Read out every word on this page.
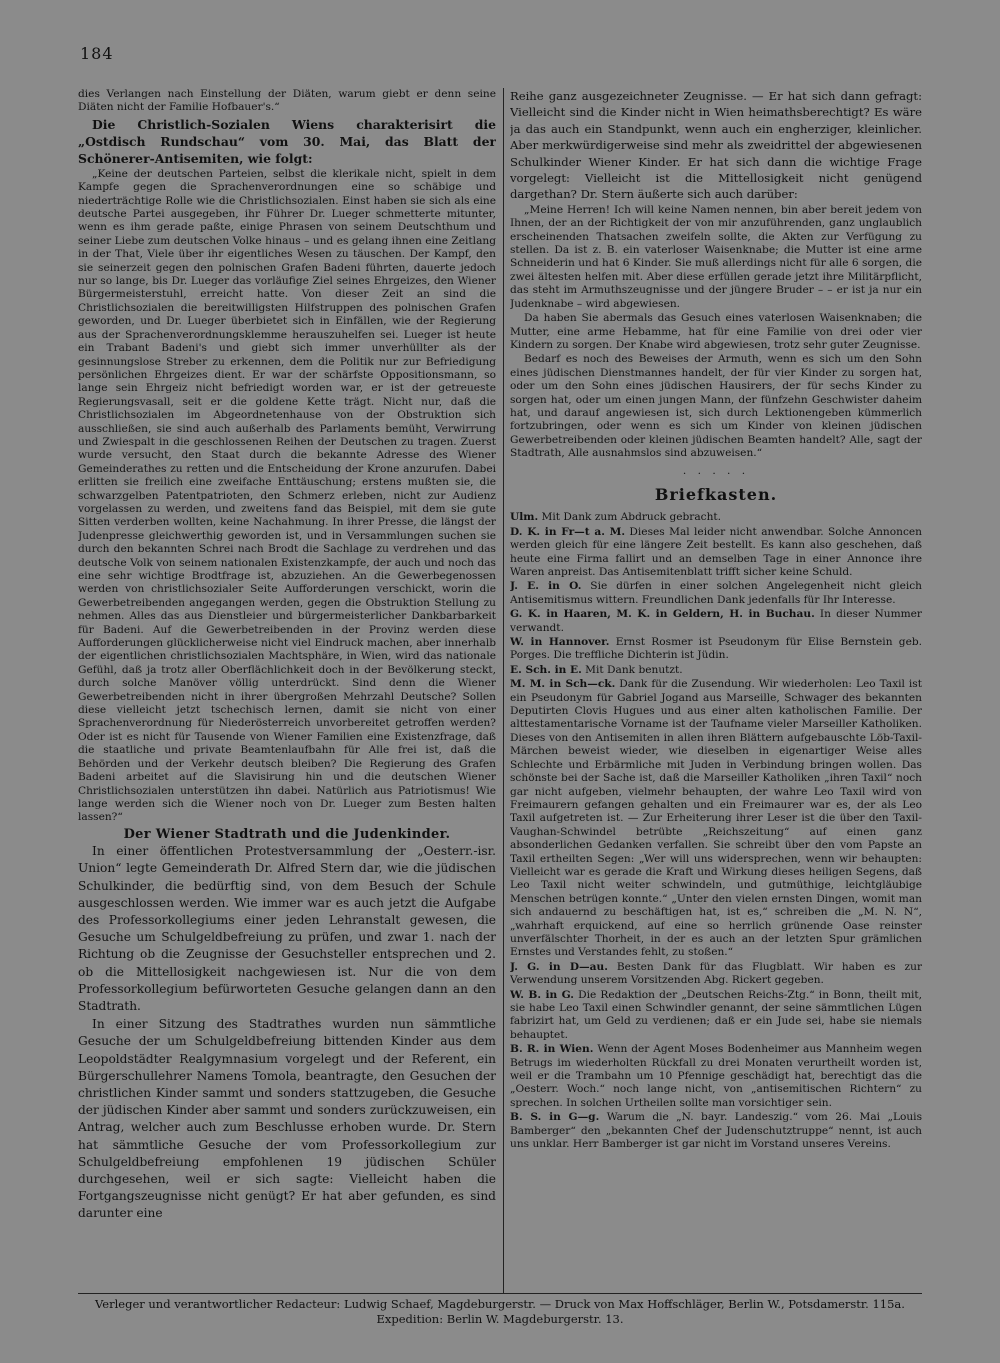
184

dies Verlangen nach Einstellung der Diäten, warum giebt er denn seine Diäten nicht der Familie Hofbauer's.“

Die Christlich-Sozialen Wiens charakterisirt die „Ostdisch Rundschau“ vom 30. Mai, das Blatt der Schönerer-Antisemiten, wie folgt:

„Keine der deutschen Parteien, selbst die klerikale nicht, spielt in dem Kampfe gegen die Sprachenverordnungen eine so schäbige und niederträchtige Rolle wie die Christlichsozialen. Einst haben sie sich als eine deutsche Partei ausgegeben, ihr Führer Dr. Lueger schmetterte mitunter, wenn es ihm gerade paßte, einige Phrasen von seinem Deutschthum und seiner Liebe zum deutschen Volke hinaus – und es gelang ihnen eine Zeitlang in der That, Viele über ihr eigentliches Wesen zu täuschen. Der Kampf, den sie seinerzeit gegen den polnischen Grafen Badeni führten, dauerte jedoch nur so lange, bis Dr. Lueger das vorläufige Ziel seines Ehrgeizes, den Wiener Bürgermeisterstuhl, erreicht hatte. Von dieser Zeit an sind die Christlichsozialen die bereitwilligsten Hilfstruppen des polnischen Grafen geworden, und Dr. Lueger überbietet sich in Einfällen, wie der Regierung aus der Sprachenverordnungsklemme herauszuhelfen sei. Lueger ist heute ein Trabant Badeni's und giebt sich immer unverhüllter als der gesinnungslose Streber zu erkennen, dem die Politik nur zur Befriedigung persönlichen Ehrgeizes dient. Er war der schärfste Oppositionsmann, so lange sein Ehrgeiz nicht befriedigt worden war, er ist der getreueste Regierungsvasall, seit er die goldene Kette trägt. Nicht nur, daß die Christlichsozialen im Abgeordnetenhause von der Obstruktion sich ausschließen, sie sind auch außerhalb des Parlaments bemüht, Verwirrung und Zwiespalt in die geschlossenen Reihen der Deutschen zu tragen. Zuerst wurde versucht, den Staat durch die bekannte Adresse des Wiener Gemeinderathes zu retten und die Entscheidung der Krone anzurufen. Dabei erlitten sie freilich eine zweifache Enttäuschung; erstens mußten sie, die schwarzgelben Patentpatrioten, den Schmerz erleben, nicht zur Audienz vorgelassen zu werden, und zweitens fand das Beispiel, mit dem sie gute Sitten verderben wollten, keine Nachahmung. In ihrer Presse, die längst der Judenpresse gleichwerthig geworden ist, und in Versammlungen suchen sie durch den bekannten Schrei nach Brodt die Sachlage zu verdrehen und das deutsche Volk von seinem nationalen Existenzkampfe, der auch und noch das eine sehr wichtige Brodtfrage ist, abzuziehen. An die Gewerbegenossen werden von christlichsozialer Seite Aufforderungen verschickt, worin die Gewerbetreibenden angegangen werden, gegen die Obstruktion Stellung zu nehmen. Alles das aus Dienstleier und bürgermeisterlicher Dankbarbarkeit für Badeni. Auf die Gewerbetreibenden in der Provinz werden diese Aufforderungen glücklicherweise nicht viel Eindruck machen, aber innerhalb der eigentlichen christlichsozialen Machtsphäre, in Wien, wird das nationale Gefühl, daß ja trotz aller Oberflächlichkeit doch in der Bevölkerung steckt, durch solche Manöver völlig unterdrückt. Sind denn die Wiener Gewerbetreibenden nicht in ihrer übergroßen Mehrzahl Deutsche? Sollen diese vielleicht jetzt tschechisch lernen, damit sie nicht von einer Sprachenverordnung für Niederösterreich unvorbereitet getroffen werden? Oder ist es nicht für Tausende von Wiener Familien eine Existenzfrage, daß die staatliche und private Beamtenlaufbahn für Alle frei ist, daß die Behörden und der Verkehr deutsch bleiben? Die Regierung des Grafen Badeni arbeitet auf die Slavisirung hin und die deutschen Wiener Christlichsozialen unterstützen ihn dabei. Natürlich aus Patriotismus! Wie lange werden sich die Wiener noch von Dr. Lueger zum Besten halten lassen?“

Der Wiener Stadtrath und die Judenkinder.

In einer öffentlichen Protestversammlung der „Oesterr.-isr. Union“ legte Gemeinderath Dr. Alfred Stern dar, wie die jüdischen Schulkinder, die bedürftig sind, von dem Besuch der Schule ausgeschlossen werden. Wie immer war es auch jetzt die Aufgabe des Professorkollegiums einer jeden Lehranstalt gewesen, die Gesuche um Schulgeldbefreiung zu prüfen, und zwar 1. nach der Richtung ob die Zeugnisse der Gesuchsteller entsprechen und 2. ob die Mittellosigkeit nachgewiesen ist. Nur die von dem Professorkollegium befürworteten Gesuche gelangen dann an den Stadtrath.

In einer Sitzung des Stadtrathes wurden nun sämmtliche Gesuche der um Schulgeldbefreiung bittenden Kinder aus dem Leopoldstädter Realgymnasium vorgelegt und der Referent, ein Bürgerschullehrer Namens Tomola, beantragte, den Gesuchen der christlichen Kinder sammt und sonders stattzugeben, die Gesuche der jüdischen Kinder aber sammt und sonders zurückzuweisen, ein Antrag, welcher auch zum Beschlusse erhoben wurde. Dr. Stern hat sämmtliche Gesuche der vom Professorkollegium zur Schulgeldbefreiung empfohlenen 19 jüdischen Schüler durchgesehen, weil er sich sagte: Vielleicht haben die Fortgangszeugnisse nicht genügt? Er hat aber gefunden, es sind darunter eine

Reihe ganz ausgezeichneter Zeugnisse. — Er hat sich dann gefragt: Vielleicht sind die Kinder nicht in Wien heimathsberechtigt? Es wäre ja das auch ein Standpunkt, wenn auch ein engherziger, kleinlicher. Aber merkwürdigerweise sind mehr als zweidrittel der abgewiesenen Schulkinder Wiener Kinder. Er hat sich dann die wichtige Frage vorgelegt: Vielleicht ist die Mittellosigkeit nicht genügend dargethan? Dr. Stern äußerte sich auch darüber:

„Meine Herren! Ich will keine Namen nennen, bin aber bereit jedem von Ihnen, der an der Richtigkeit der von mir anzuführenden, ganz unglaublich erscheinenden Thatsachen zweifeln sollte, die Akten zur Verfügung zu stellen. Da ist z. B. ein vaterloser Waisenknabe; die Mutter ist eine arme Schneiderin und hat 6 Kinder. Sie muß allerdings nicht für alle 6 sorgen, die zwei ältesten helfen mit. Aber diese erfüllen gerade jetzt ihre Militärpflicht, das steht im Armuthszeugnisse und der jüngere Bruder – – er ist ja nur ein Judenknabe – wird abgewiesen.

Da haben Sie abermals das Gesuch eines vaterlosen Waisenknaben; die Mutter, eine arme Hebamme, hat für eine Familie von drei oder vier Kindern zu sorgen. Der Knabe wird abgewiesen, trotz sehr guter Zeugnisse.

Bedarf es noch des Beweises der Armuth, wenn es sich um den Sohn eines jüdischen Dienstmannes handelt, der für vier Kinder zu sorgen hat, oder um den Sohn eines jüdischen Hausirers, der für sechs Kinder zu sorgen hat, oder um einen jungen Mann, der fünfzehn Geschwister daheim hat, und darauf angewiesen ist, sich durch Lektionengeben kümmerlich fortzubringen, oder wenn es sich um Kinder von kleinen jüdischen Gewerbetreibenden oder kleinen jüdischen Beamten handelt? Alle, sagt der Stadtrath, Alle ausnahmslos sind abzuweisen.“

. . . . .
Briefkasten.

Ulm. Mit Dank zum Abdruck gebracht.

D. K. in Fr—t a. M. Dieses Mal leider nicht anwendbar. Solche Annoncen werden gleich für eine längere Zeit bestellt. Es kann also geschehen, daß heute eine Firma fallirt und an demselben Tage in einer Annonce ihre Waren anpreist. Das Antisemitenblatt trifft sicher keine Schuld.

J. E. in O. Sie dürfen in einer solchen Angelegenheit nicht gleich Antisemitismus wittern. Freundlichen Dank jedenfalls für Ihr Interesse.

G. K. in Haaren, M. K. in Geldern, H. in Buchau. In dieser Nummer verwandt.

W. in Hannover. Ernst Rosmer ist Pseudonym für Elise Bernstein geb. Porges. Die treffliche Dichterin ist Jüdin.

E. Sch. in E. Mit Dank benutzt.

M. M. in Sch—ck. Dank für die Zusendung. Wir wiederholen: Leo Taxil ist ein Pseudonym für Gabriel Jogand aus Marseille, Schwager des bekannten Deputirten Clovis Hugues und aus einer alten katholischen Familie. Der alttestamentarische Vorname ist der Taufname vieler Marseiller Katholiken. Dieses von den Antisemiten in allen ihren Blättern aufgebauschte Löb-Taxil-Märchen beweist wieder, wie dieselben in eigenartiger Weise alles Schlechte und Erbärmliche mit Juden in Verbindung bringen wollen. Das schönste bei der Sache ist, daß die Marseiller Katholiken „ihren Taxil“ noch gar nicht aufgeben, vielmehr behaupten, der wahre Leo Taxil wird von Freimaurern gefangen gehalten und ein Freimaurer war es, der als Leo Taxil aufgetreten ist. — Zur Erheiterung ihrer Leser ist die über den Taxil-Vaughan-Schwindel betrübte „Reichszeitung“ auf einen ganz absonderlichen Gedanken verfallen. Sie schreibt über den vom Papste an Taxil ertheilten Segen: „Wer will uns widersprechen, wenn wir behaupten: Vielleicht war es gerade die Kraft und Wirkung dieses heiligen Segens, daß Leo Taxil nicht weiter schwindeln, und gutmüthige, leichtgläubige Menschen betrügen konnte.“ „Unter den vielen ernsten Dingen, womit man sich andauernd zu beschäftigen hat, ist es,“ schreiben die „M. N. N“, „wahrhaft erquickend, auf eine so herrlich grünende Oase reinster unverfälschter Thorheit, in der es auch an der letzten Spur grämlichen Ernstes und Verstandes fehlt, zu stoßen.“

J. G. in D—au. Besten Dank für das Flugblatt. Wir haben es zur Verwendung unserem Vorsitzenden Abg. Rickert gegeben.

W. B. in G. Die Redaktion der „Deutschen Reichs-Ztg.“ in Bonn, theilt mit, sie habe Leo Taxil einen Schwindler genannt, der seine sämmtlichen Lügen fabrizirt hat, um Geld zu verdienen; daß er ein Jude sei, habe sie niemals behauptet.

B. R. in Wien. Wenn der Agent Moses Bodenheimer aus Mannheim wegen Betrugs im wiederholten Rückfall zu drei Monaten verurtheilt worden ist, weil er die Trambahn um 10 Pfennige geschädigt hat, berechtigt das die „Oesterr. Woch.“ noch lange nicht, von „antisemitischen Richtern“ zu sprechen. In solchen Urtheilen sollte man vorsichtiger sein.

B. S. in G—g. Warum die „N. bayr. Landeszig.“ vom 26. Mai „Louis Bamberger“ den „bekannten Chef der Judenschutztruppe“ nennt, ist auch uns unklar. Herr Bamberger ist gar nicht im Vorstand unseres Vereins.

Verleger und verantwortlicher Redacteur: Ludwig Schaef, Magdeburgerstr. — Druck von Max Hoffschläger, Berlin W., Potsdamerstr. 115a.
Expedition: Berlin W. Magdeburgerstr. 13.
